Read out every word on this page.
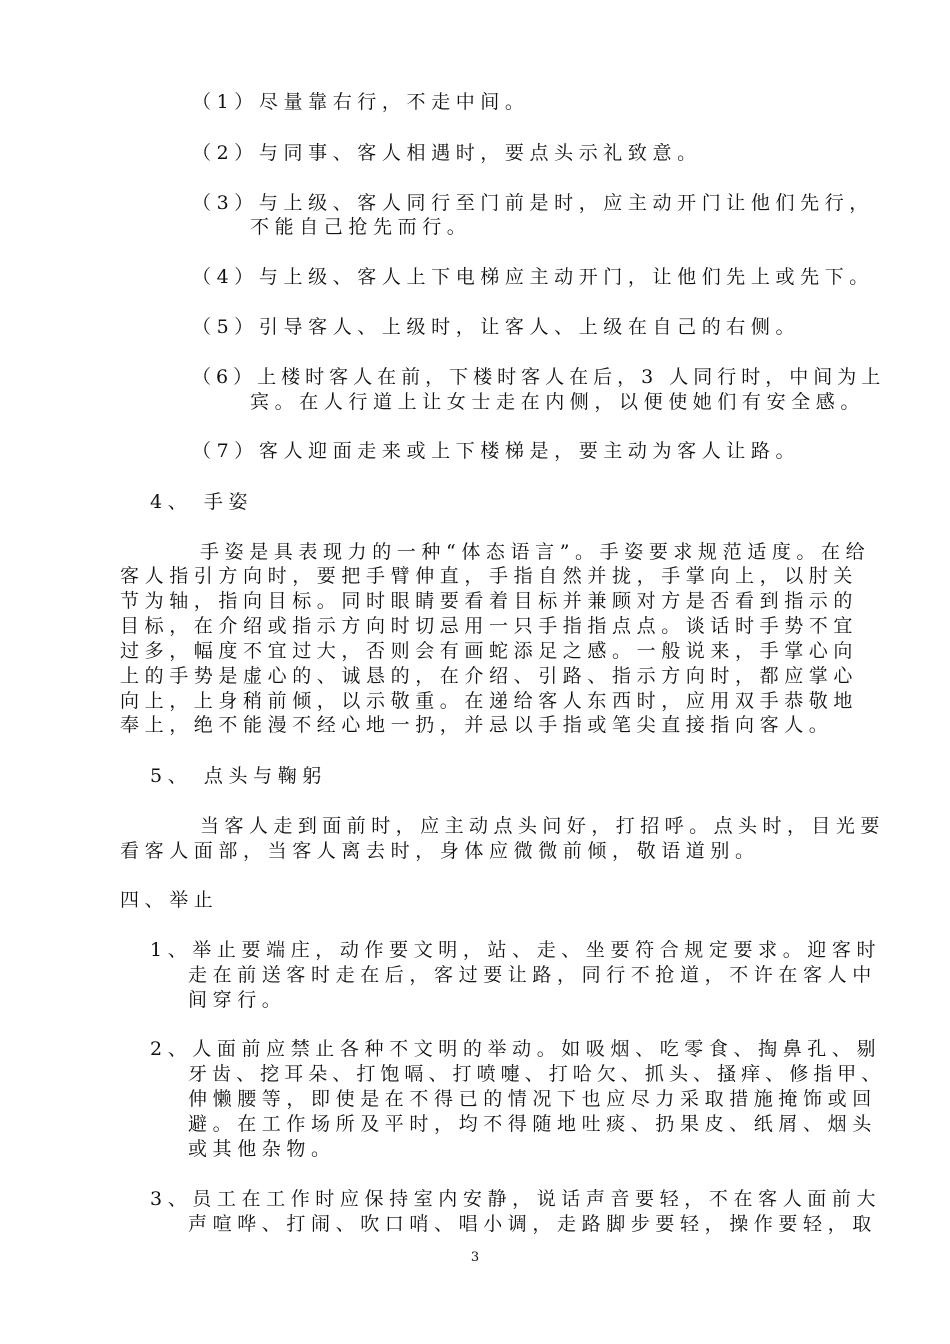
（1）尽量靠右行，不走中间。
（2）与同事、客人相遇时，要点头示礼致意。
（3）与上级、客人同行至门前是时，应主动开门让他们先行，
不能自己抢先而行。
（4）与上级、客人上下电梯应主动开门，让他们先上或先下。
（5）引导客人、上级时，让客人、上级在自己的右侧。
（6）上楼时客人在前，下楼时客人在后，3 人同行时，中间为上
宾。在人行道上让女士走在内侧，以便使她们有安全感。
（7）客人迎面走来或上下楼梯是，要主动为客人让路。
4、 手姿
手姿是具表现力的一种“体态语言”。手姿要求规范适度。在给
客人指引方向时，要把手臂伸直，手指自然并拢，手掌向上，以肘关
节为轴，指向目标。同时眼睛要看着目标并兼顾对方是否看到指示的
目标，在介绍或指示方向时切忌用一只手指指点点。谈话时手势不宜
过多，幅度不宜过大，否则会有画蛇添足之感。一般说来，手掌心向
上的手势是虚心的、诚恳的，在介绍、引路、指示方向时，都应掌心
向上，上身稍前倾，以示敬重。在递给客人东西时，应用双手恭敬地
奉上，绝不能漫不经心地一扔，并忌以手指或笔尖直接指向客人。
5、 点头与鞠躬
当客人走到面前时，应主动点头问好，打招呼。点头时，目光要
看客人面部，当客人离去时，身体应微微前倾，敬语道别。
四、举止
1、举止要端庄，动作要文明，站、走、坐要符合规定要求。迎客时
走在前送客时走在后，客过要让路，同行不抢道，不许在客人中
间穿行。
2、人面前应禁止各种不文明的举动。如吸烟、吃零食、掏鼻孔、剔
牙齿、挖耳朵、打饱嗝、打喷嚏、打哈欠、抓头、搔痒、修指甲、
伸懒腰等，即使是在不得已的情况下也应尽力采取措施掩饰或回
避。在工作场所及平时，均不得随地吐痰、扔果皮、纸屑、烟头
或其他杂物。
3、员工在工作时应保持室内安静，说话声音要轻，不在客人面前大
声喧哗、打闹、吹口哨、唱小调，走路脚步要轻，操作要轻，取
3
